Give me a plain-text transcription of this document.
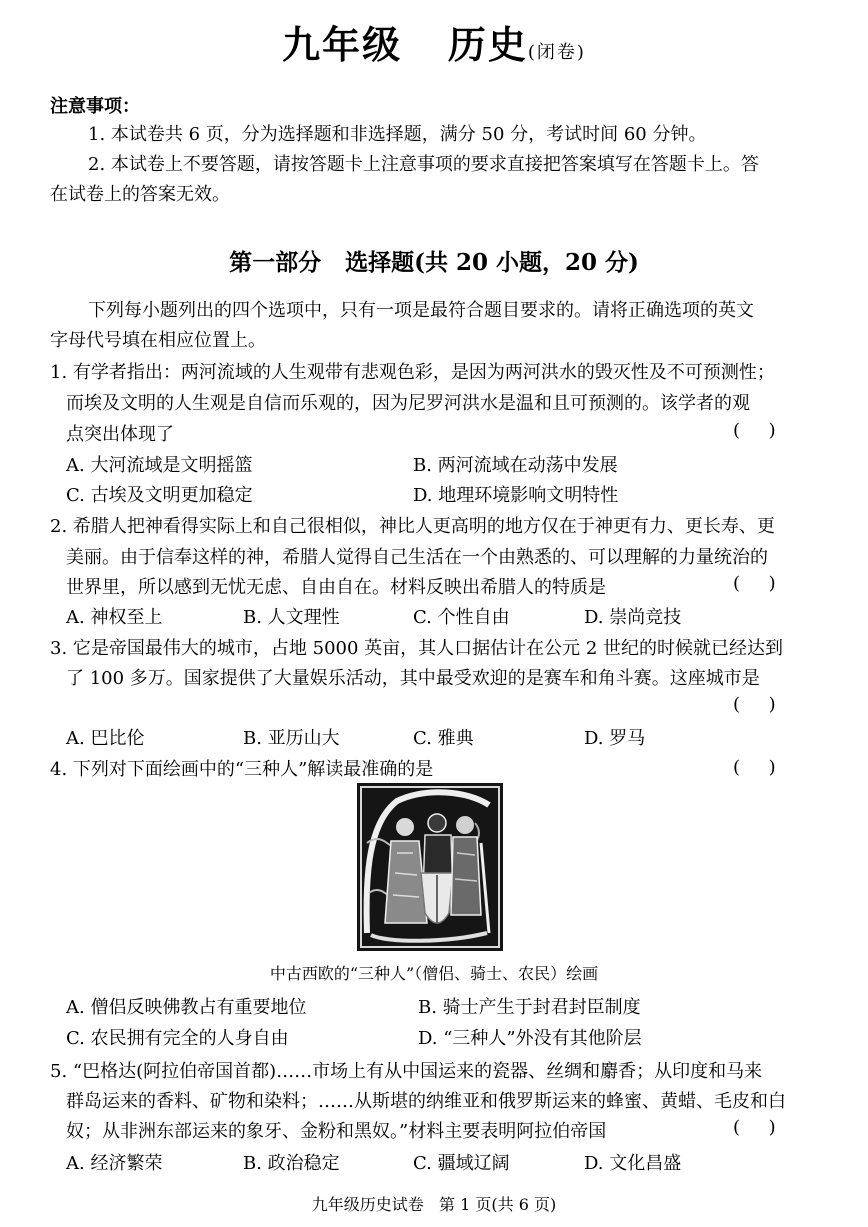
九年级   历史(闭卷)
注意事项：
1. 本试卷共 6 页，分为选择题和非选择题，满分 50 分，考试时间 60 分钟。
2. 本试卷上不要答题，请按答题卡上注意事项的要求直接把答案填写在答题卡上。答
在试卷上的答案无效。
第一部分   选择题(共 20 小题，20 分)
下列每小题列出的四个选项中，只有一项是最符合题目要求的。请将正确选项的英文
字母代号填在相应位置上。
1. 有学者指出：两河流域的人生观带有悲观色彩，是因为两河洪水的毁灭性及不可预测性；
而埃及文明的人生观是自信而乐观的，因为尼罗河洪水是温和且可预测的。该学者的观
点突出体现了	(     )
A. 大河流域是文明摇篮	B. 两河流域在动荡中发展
C. 古埃及文明更加稳定	D. 地理环境影响文明特性
2. 希腊人把神看得实际上和自己很相似，神比人更高明的地方仅在于神更有力、更长寿、更
美丽。由于信奉这样的神，希腊人觉得自己生活在一个由熟悉的、可以理解的力量统治的
世界里，所以感到无忧无虑、自由自在。材料反映出希腊人的特质是	(     )
A. 神权至上	B. 人文理性	C. 个性自由	D. 崇尚竞技
3. 它是帝国最伟大的城市，占地 5000 英亩，其人口据估计在公元 2 世纪的时候就已经达到
了 100 多万。国家提供了大量娱乐活动，其中最受欢迎的是赛车和角斗赛。这座城市是
(     )
A. 巴比伦	B. 亚历山大	C. 雅典	D. 罗马
4. 下列对下面绘画中的“三种人”解读最准确的是	(     )
中古西欧的“三种人”（僧侣、骑士、农民）绘画
A. 僧侣反映佛教占有重要地位	B. 骑士产生于封君封臣制度
C. 农民拥有完全的人身自由	D. “三种人”外没有其他阶层
5. “巴格达(阿拉伯帝国首都)……市场上有从中国运来的瓷器、丝绸和麝香；从印度和马来
群岛运来的香料、矿物和染料；……从斯堪的纳维亚和俄罗斯运来的蜂蜜、黄蜡、毛皮和白
奴；从非洲东部运来的象牙、金粉和黑奴。”材料主要表明阿拉伯帝国	(     )
A. 经济繁荣	B. 政治稳定	C. 疆域辽阔	D. 文化昌盛
九年级历史试卷   第 1 页(共 6 页)
